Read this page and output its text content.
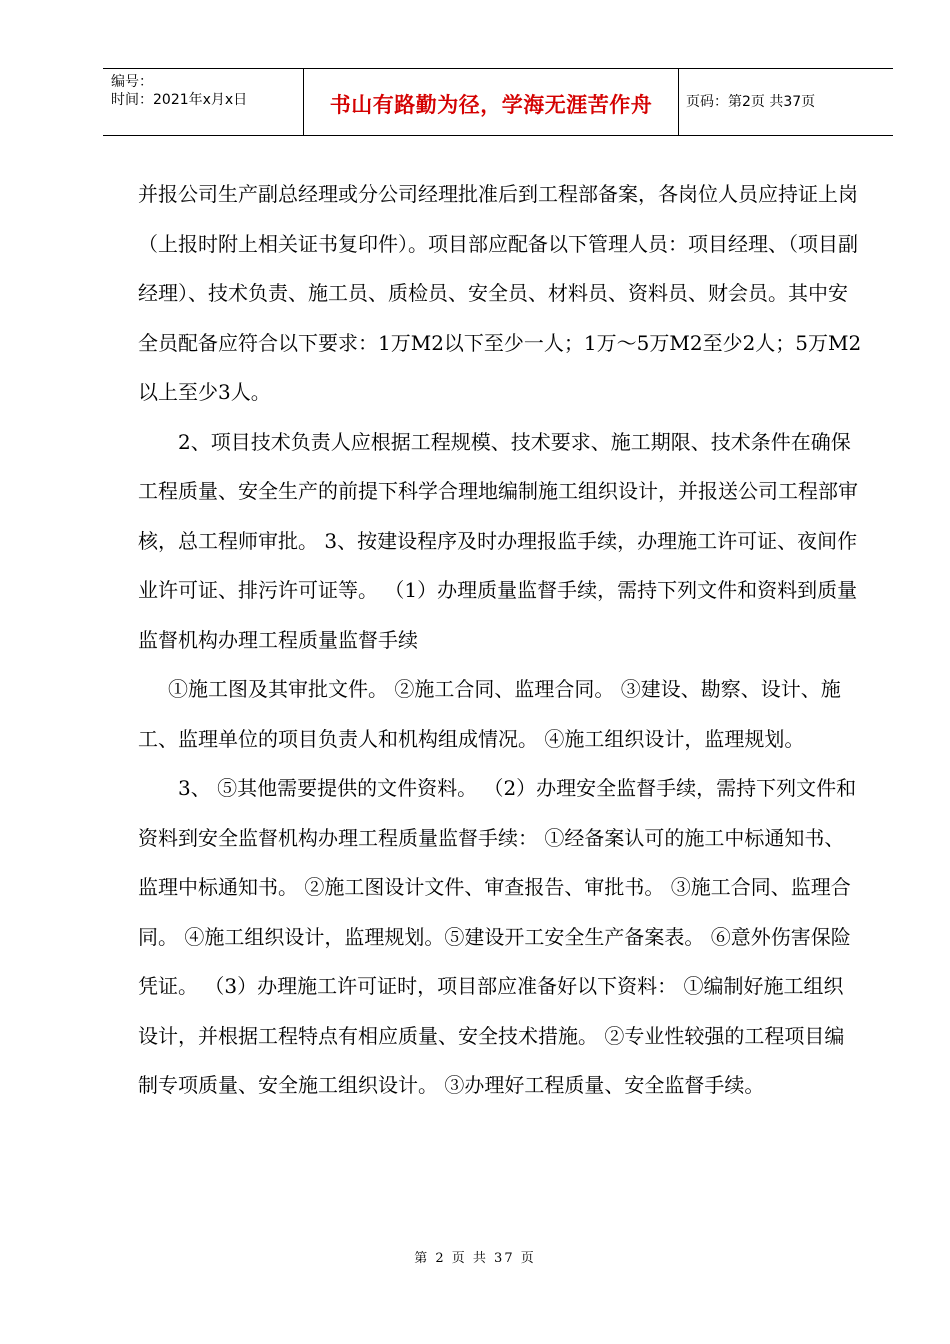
编号：
时间：2021年x月x日	书山有路勤为径，学海无涯苦作舟	页码：第2页 共37页

并报公司生产副总经理或分公司经理批准后到工程部备案，各岗位人员应持证上岗（上报时附上相关证书复印件）。项目部应配备以下管理人员：项目经理、（项目副经理）、技术负责、施工员、质检员、安全员、材料员、资料员、财会员。其中安全员配备应符合以下要求：1万M2以下至少一人；1万～5万M2至少2人；5万M2以上至少3人。

2、项目技术负责人应根据工程规模、技术要求、施工期限、技术条件在确保工程质量、安全生产的前提下科学合理地编制施工组织设计，并报送公司工程部审核，总工程师审批。 3、按建设程序及时办理报监手续，办理施工许可证、夜间作业许可证、排污许可证等。 （1）办理质量监督手续，需持下列文件和资料到质量监督机构办理工程质量监督手续

①施工图及其审批文件。 ②施工合同、监理合同。 ③建设、勘察、设计、施工、监理单位的项目负责人和机构组成情况。 ④施工组织设计，监理规划。

3、 ⑤其他需要提供的文件资料。 （2）办理安全监督手续，需持下列文件和资料到安全监督机构办理工程质量监督手续： ①经备案认可的施工中标通知书、监理中标通知书。 ②施工图设计文件、审查报告、审批书。 ③施工合同、监理合同。 ④施工组织设计，监理规划。⑤建设开工安全生产备案表。 ⑥意外伤害保险凭证。 （3）办理施工许可证时，项目部应准备好以下资料： ①编制好施工组织设计，并根据工程特点有相应质量、安全技术措施。 ②专业性较强的工程项目编制专项质量、安全施工组织设计。 ③办理好工程质量、安全监督手续。

第 2 页 共 37 页
